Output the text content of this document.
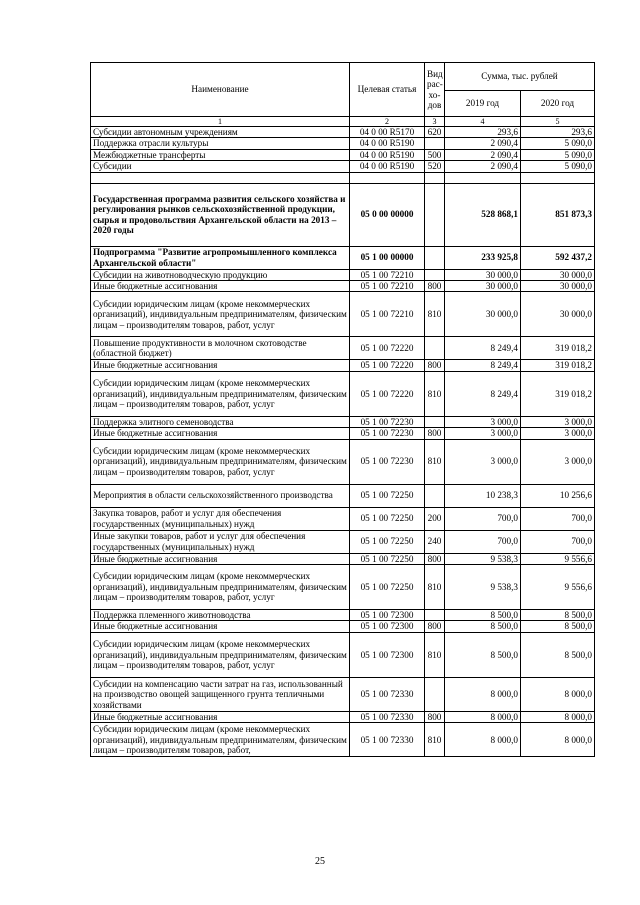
Наименование	Целевая статья	Вид рас-хо-дов	Сумма, тыс. рублей	
			2019 год	2020 год
1	2	3	4	5
Субсидии автономным учреждениям	04 0 00 R5170	620	293,6	293,6
Поддержка отрасли культуры	04 0 00 R5190		2 090,4	5 090,0
Межбюджетные трансферты	04 0 00 R5190	500	2 090,4	5 090,0
Субсидии	04 0 00 R5190	520	2 090,4	5 090,0

Государственная программа развития сельского хозяйства и регулирования рынков сельскохозяйственной продукции, сырья и продовольствия Архангельской области на 2013 – 2020 годы	05 0 00 00000		528 868,1	851 873,3
Подпрограмма "Развитие агропромышленного комплекса Архангельской области"	05 1 00 00000		233 925,8	592 437,2
Субсидии на животноводческую продукцию	05 1 00 72210		30 000,0	30 000,0
Иные бюджетные ассигнования	05 1 00 72210	800	30 000,0	30 000,0
Субсидии юридическим лицам (кроме некоммерческих организаций), индивидуальным предпринимателям, физическим лицам – производителям товаров, работ, услуг	05 1 00 72210	810	30 000,0	30 000,0
Повышение продуктивности в молочном скотоводстве (областной бюджет)	05 1 00 72220		8 249,4	319 018,2
Иные бюджетные ассигнования	05 1 00 72220	800	8 249,4	319 018,2
Субсидии юридическим лицам (кроме некоммерческих организаций), индивидуальным предпринимателям, физическим лицам – производителям товаров, работ, услуг	05 1 00 72220	810	8 249,4	319 018,2
Поддержка элитного семеноводства	05 1 00 72230		3 000,0	3 000,0
Иные бюджетные ассигнования	05 1 00 72230	800	3 000,0	3 000,0
Субсидии юридическим лицам (кроме некоммерческих организаций), индивидуальным предпринимателям, физическим лицам – производителям товаров, работ, услуг	05 1 00 72230	810	3 000,0	3 000,0
Мероприятия в области сельскохозяйственного производства	05 1 00 72250		10 238,3	10 256,6
Закупка товаров, работ и услуг для обеспечения государственных (муниципальных) нужд	05 1 00 72250	200	700,0	700,0
Иные закупки товаров, работ и услуг для обеспечения государственных (муниципальных) нужд	05 1 00 72250	240	700,0	700,0
Иные бюджетные ассигнования	05 1 00 72250	800	9 538,3	9 556,6
Субсидии юридическим лицам (кроме некоммерческих организаций), индивидуальным предпринимателям, физическим лицам – производителям товаров, работ, услуг	05 1 00 72250	810	9 538,3	9 556,6
Поддержка племенного животноводства	05 1 00 72300		8 500,0	8 500,0
Иные бюджетные ассигнования	05 1 00 72300	800	8 500,0	8 500,0
Субсидии юридическим лицам (кроме некоммерческих организаций), индивидуальным предпринимателям, физическим лицам – производителям товаров, работ, услуг	05 1 00 72300	810	8 500,0	8 500,0
Субсидии на компенсацию части затрат на газ, использованный на производство овощей защищенного грунта тепличными хозяйствами	05 1 00 72330		8 000,0	8 000,0
Иные бюджетные ассигнования	05 1 00 72330	800	8 000,0	8 000,0
Субсидии юридическим лицам (кроме некоммерческих организаций), индивидуальным предпринимателям, физическим лицам – производителям товаров, работ,	05 1 00 72330	810	8 000,0	8 000,0
25
